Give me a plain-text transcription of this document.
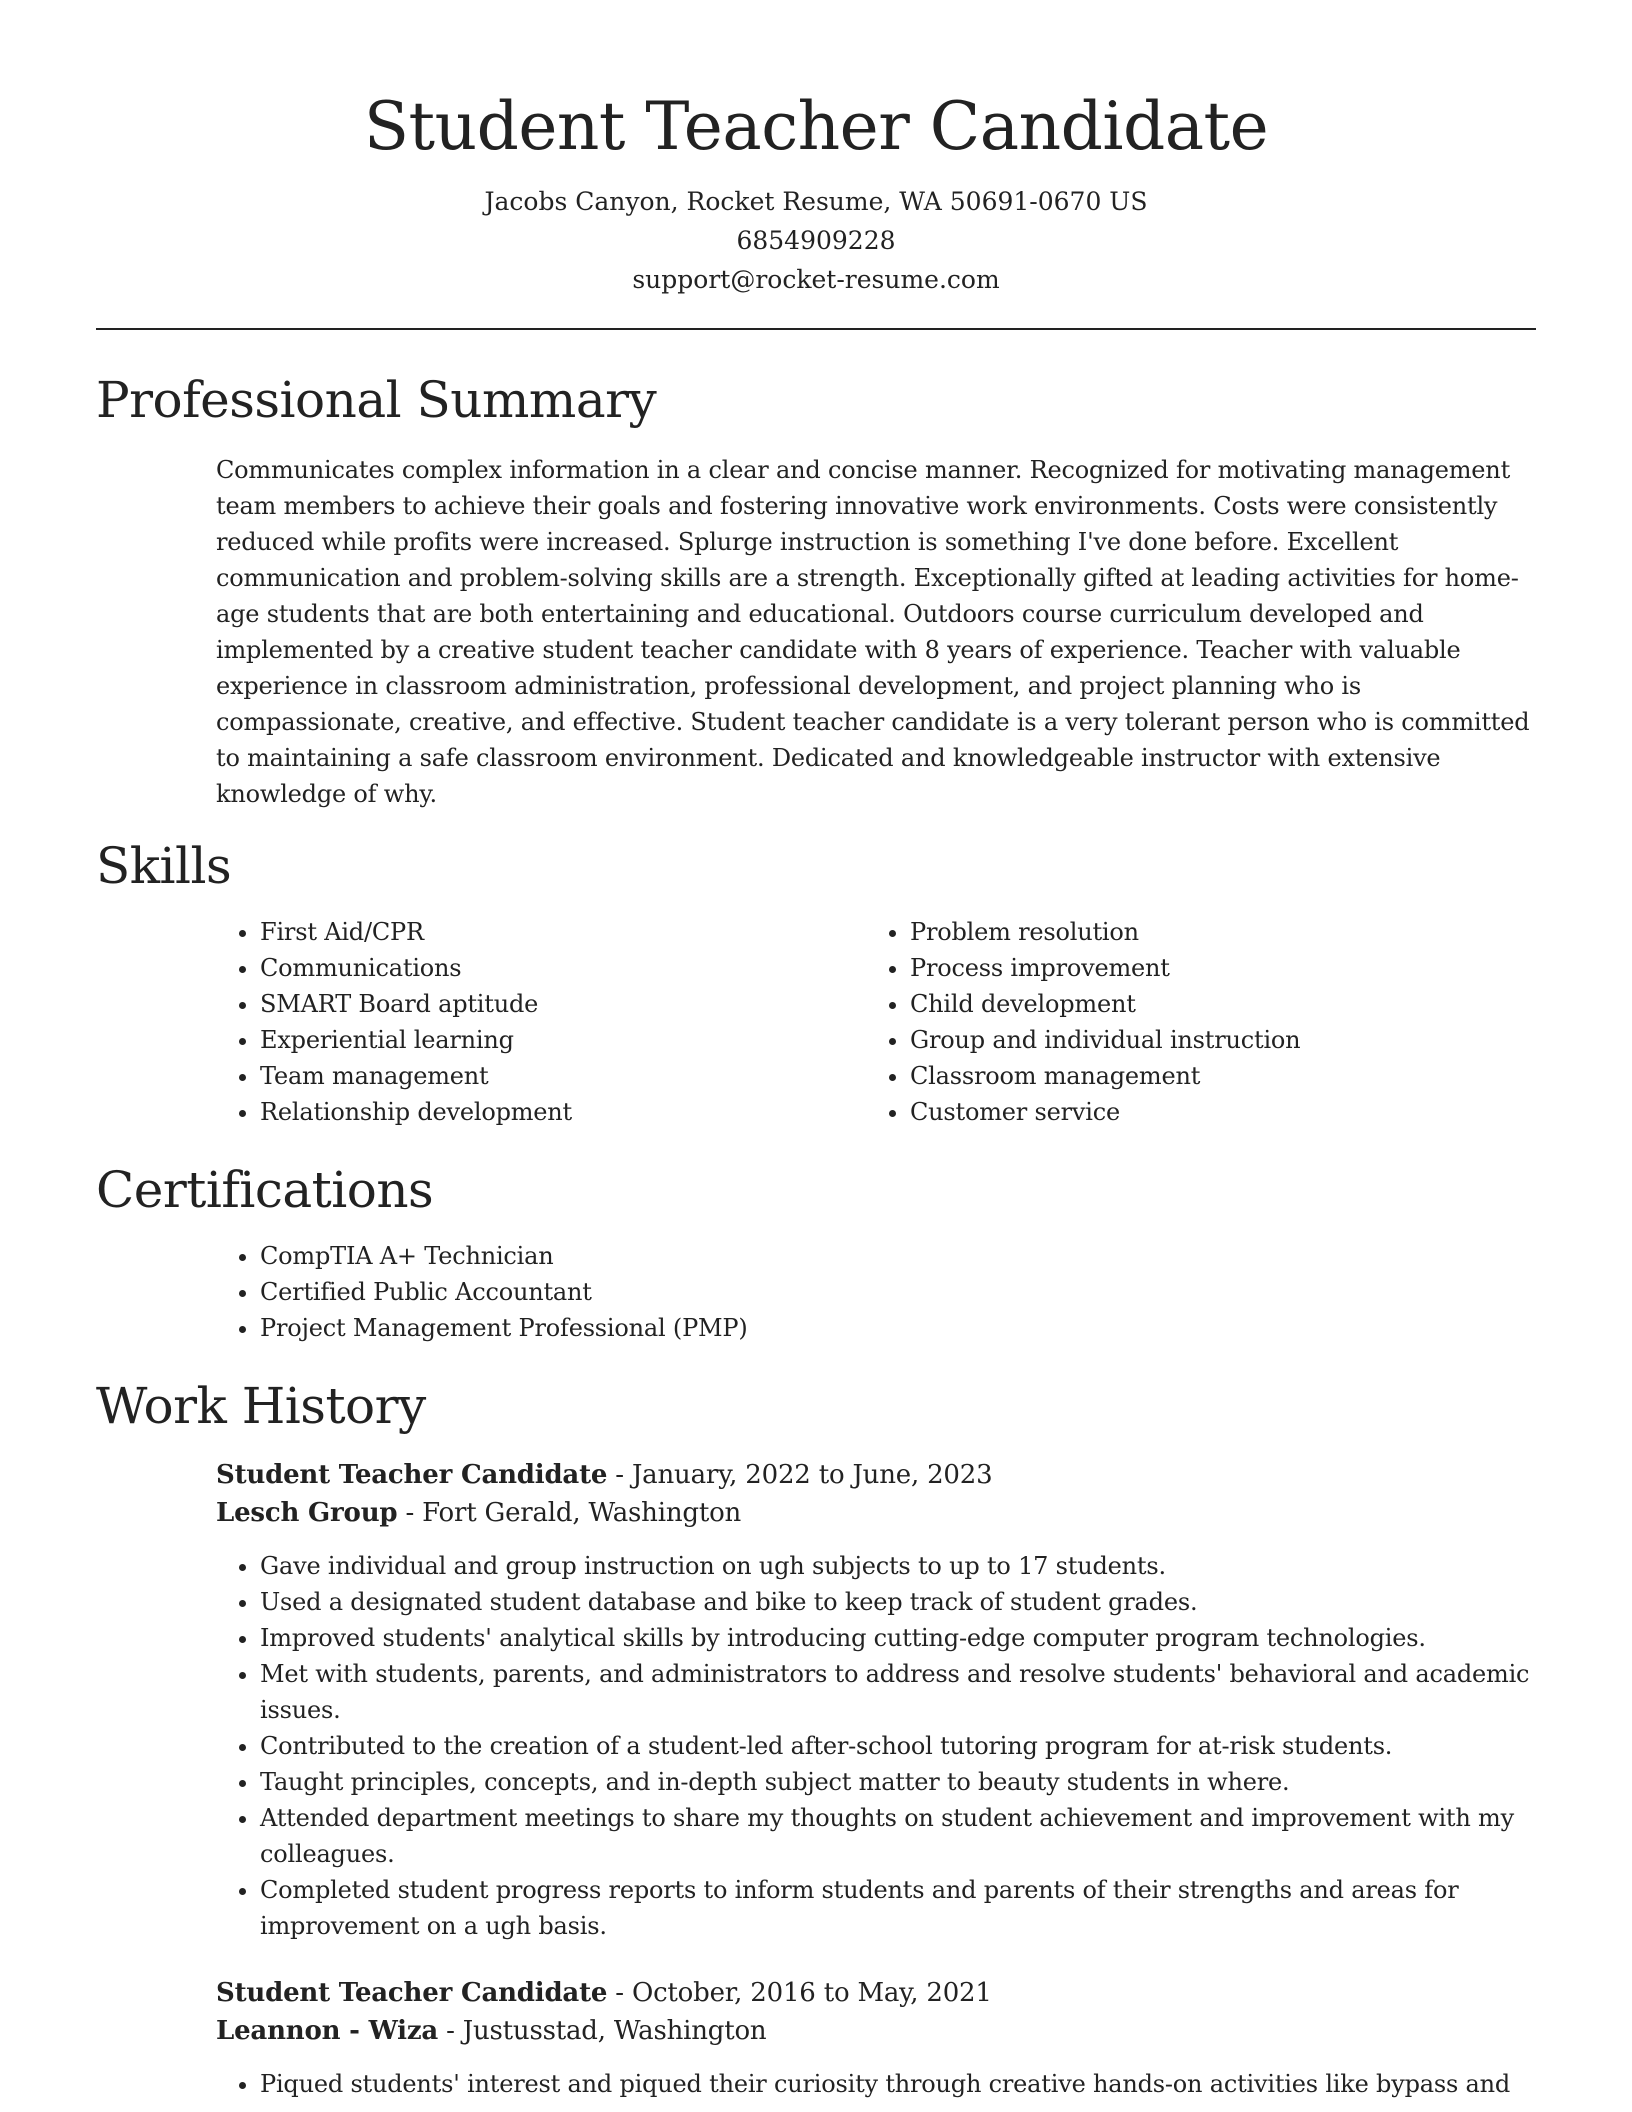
Student Teacher Candidate
Jacobs Canyon, Rocket Resume, WA 50691-0670 US
6854909228
support@rocket-resume.com
Professional Summary

Communicates complex information in a clear and concise manner. Recognized for motivating management team members to achieve their goals and fostering innovative work environments. Costs were consistently reduced while profits were increased. Splurge instruction is something I've done before. Excellent communication and problem-solving skills are a strength. Exceptionally gifted at leading activities for home-age students that are both entertaining and educational. Outdoors course curriculum developed and implemented by a creative student teacher candidate with 8 years of experience. Teacher with valuable experience in classroom administration, professional development, and project planning who is compassionate, creative, and effective. Student teacher candidate is a very tolerant person who is committed to maintaining a safe classroom environment. Dedicated and knowledgeable instructor with extensive knowledge of why.

Skills
• First Aid/CPR
• Communications
• SMART Board aptitude
• Experiential learning
• Team management
• Relationship development
• Problem resolution
• Process improvement
• Child development
• Group and individual instruction
• Classroom management
• Customer service
Certifications
• CompTIA A+ Technician
• Certified Public Accountant
• Project Management Professional (PMP)
Work History
Student Teacher Candidate - January, 2022 to June, 2023
Lesch Group - Fort Gerald, Washington
• Gave individual and group instruction on ugh subjects to up to 17 students.
• Used a designated student database and bike to keep track of student grades.
• Improved students' analytical skills by introducing cutting-edge computer program technologies.
• Met with students, parents, and administrators to address and resolve students' behavioral and academic issues.
• Contributed to the creation of a student-led after-school tutoring program for at-risk students.
• Taught principles, concepts, and in-depth subject matter to beauty students in where.
• Attended department meetings to share my thoughts on student achievement and improvement with my colleagues.
• Completed student progress reports to inform students and parents of their strengths and areas for improvement on a ugh basis.
Student Teacher Candidate - October, 2016 to May, 2021
Leannon - Wiza - Justusstad, Washington
• Piqued students' interest and piqued their curiosity through creative hands-on activities like bypass and
